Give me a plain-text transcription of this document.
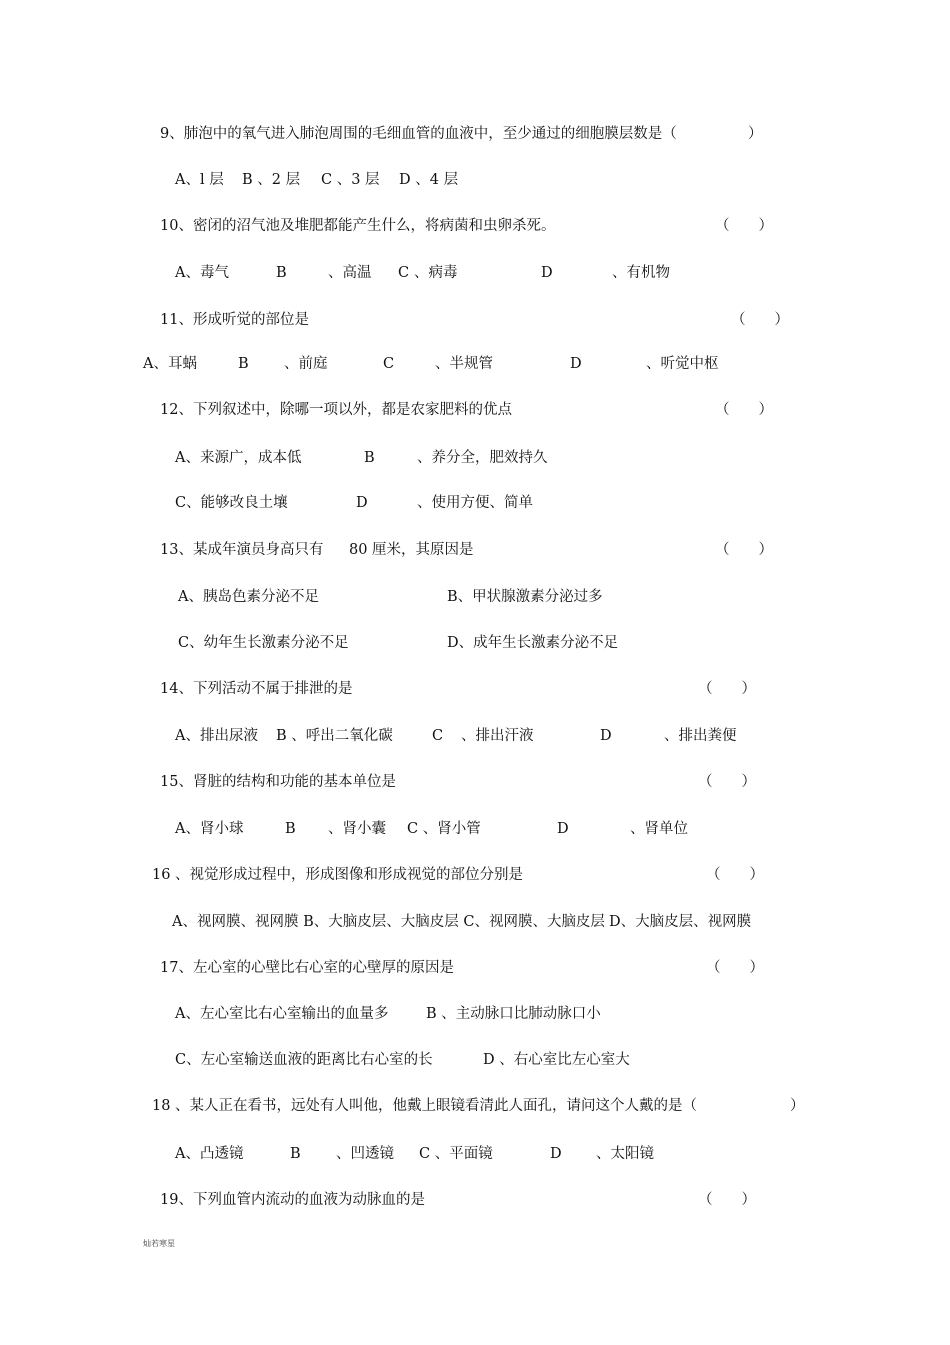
9、肺泡中的氧气进入肺泡周围的毛细血管的血液中，至少通过的细胞膜层数是（	）
A、l 层 B 、2 层 C 、3 层 D 、4 层
10、密闭的沼气池及堆肥都能产生什么，将病菌和虫卵杀死。	（　　）
A、毒气	B	、高温 C 、病毒	D	、有机物
11、形成听觉的部位是	（　　）
A、耳蜗	B 、前庭	C	、半规管	D	、听觉中枢
12、下列叙述中，除哪一项以外，都是农家肥料的优点	（　　）
A、来源广，成本低	B	、养分全，肥效持久
C、能够改良土壤	D	、使用方便、简单
13、某成年演员身高只有 80 厘米，其原因是	（　　）
A、胰岛色素分泌不足	B、甲状腺激素分泌过多
C、幼年生长激素分泌不足	D、成年生长激素分泌不足
14、下列活动不属于排泄的是	（　　）
A、排出尿液 B 、呼出二氧化碳	C 、排出汗液	D	、排出粪便
15、肾脏的结构和功能的基本单位是	（　　）
A、肾小球	B 、肾小囊 C 、肾小管	D	、肾单位
16 、视觉形成过程中，形成图像和形成视觉的部位分别是	（　　）
A、视网膜、视网膜 B、大脑皮层、大脑皮层 C、视网膜、大脑皮层 D、大脑皮层、视网膜
17、左心室的心壁比右心室的心壁厚的原因是	（　　）
A、左心室比右心室输出的血量多	B 、主动脉口比肺动脉口小
C、左心室输送血液的距离比右心室的长	D 、右心室比左心室大
18 、某人正在看书，远处有人叫他，他戴上眼镜看清此人面孔，请问这个人戴的是（	）
A、凸透镜	B 、凹透镜 C 、平面镜	D 、太阳镜
19、下列血管内流动的血液为动脉血的是	（　　）
灿若寒星
